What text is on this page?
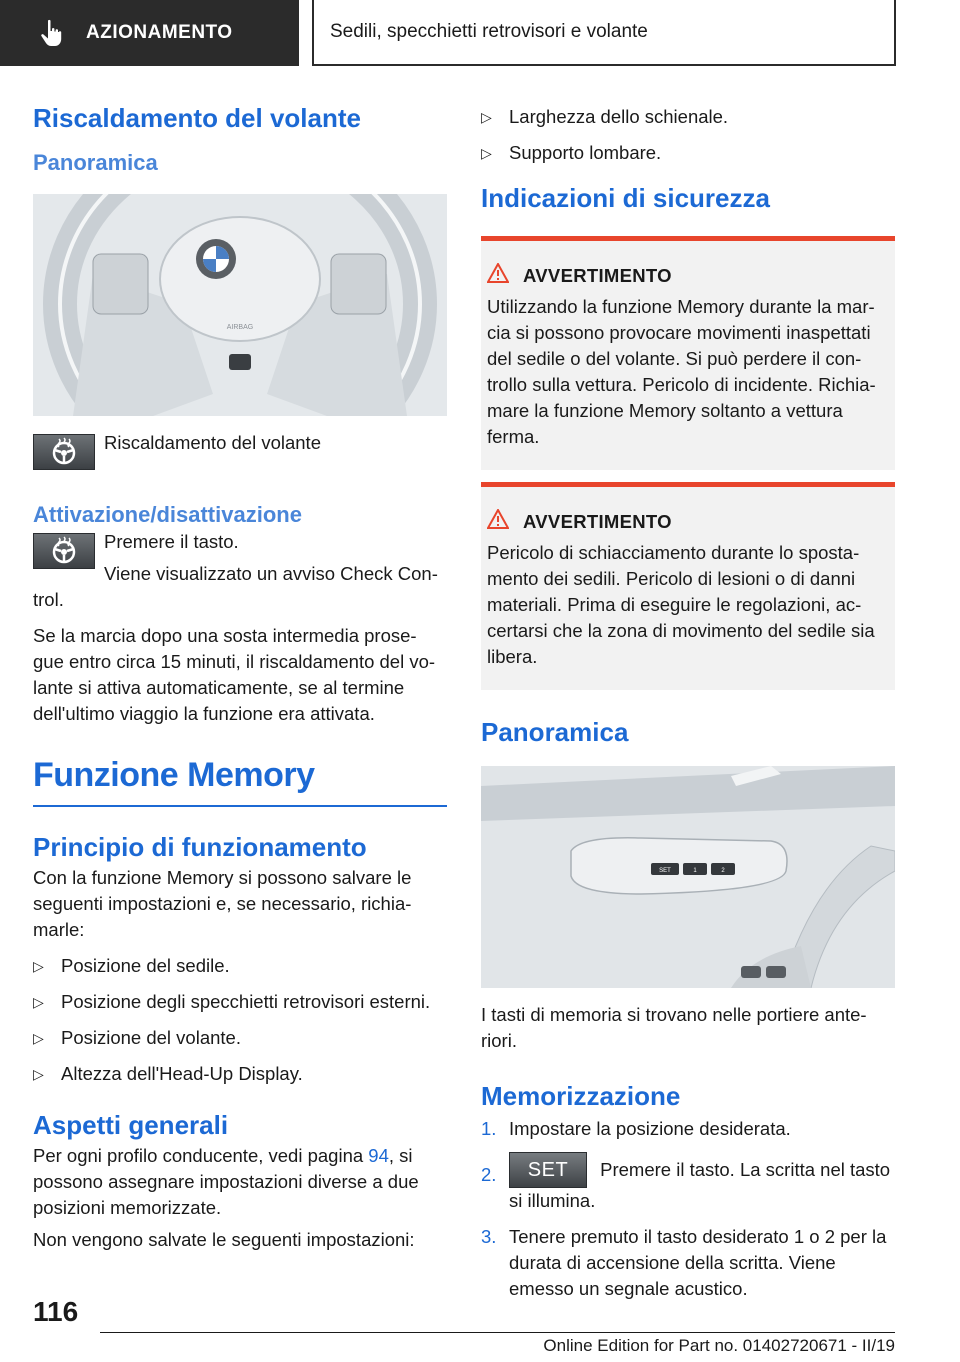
AZIONAMENTO	Sedili, specchietti retrovisori e volante
Riscaldamento del volante
Panoramica
AIRBAG
Riscaldamento del volante
Attivazione/disattivazione

Premere il tasto.

Viene visualizzato un avviso Check Con-

trol.

Se la marcia dopo una sosta intermedia prose- gue entro circa 15 minuti, il riscaldamento del vo- lante si attiva automaticamente, se al termine dell'ultimo viaggio la funzione era attivata.

Funzione Memory
Principio di funzionamento

Con la funzione Memory si possono salvare le seguenti impostazioni e, se necessario, richia- marle:

▷ Posizione del sedile.
▷ Posizione degli specchietti retrovisori esterni.
▷ Posizione del volante.
▷ Altezza dell'Head-Up Display.
Aspetti generali

Per ogni profilo conducente, vedi pagina 94, si possono assegnare impostazioni diverse a due posizioni memorizzate.

Non vengono salvate le seguenti impostazioni:

▷ Larghezza dello schienale.
▷ Supporto lombare.
Indicazioni di sicurezza
AVVERTIMENTO

Utilizzando la funzione Memory durante la mar- cia si possono provocare movimenti inaspettati del sedile o del volante. Si può perdere il con- trollo sulla vettura. Pericolo di incidente. Richia- mare la funzione Memory soltanto a vettura ferma.

AVVERTIMENTO

Pericolo di schiacciamento durante lo sposta- mento dei sedili. Pericolo di lesioni o di danni materiali. Prima di eseguire le regolazioni, ac- certarsi che la zona di movimento del sedile sia libera.

Panoramica
SET	1	2

I tasti di memoria si trovano nelle portiere ante- riori.

Memorizzazione
1. Impostare la posizione desiderata.
2.	SET Premere il tasto. La scritta nel tasto si illumina.
3. Tenere premuto il tasto desiderato 1 o 2 per la durata di accensione della scritta. Viene emesso un segnale acustico.
116
Online Edition for Part no. 01402720671 - II/19
